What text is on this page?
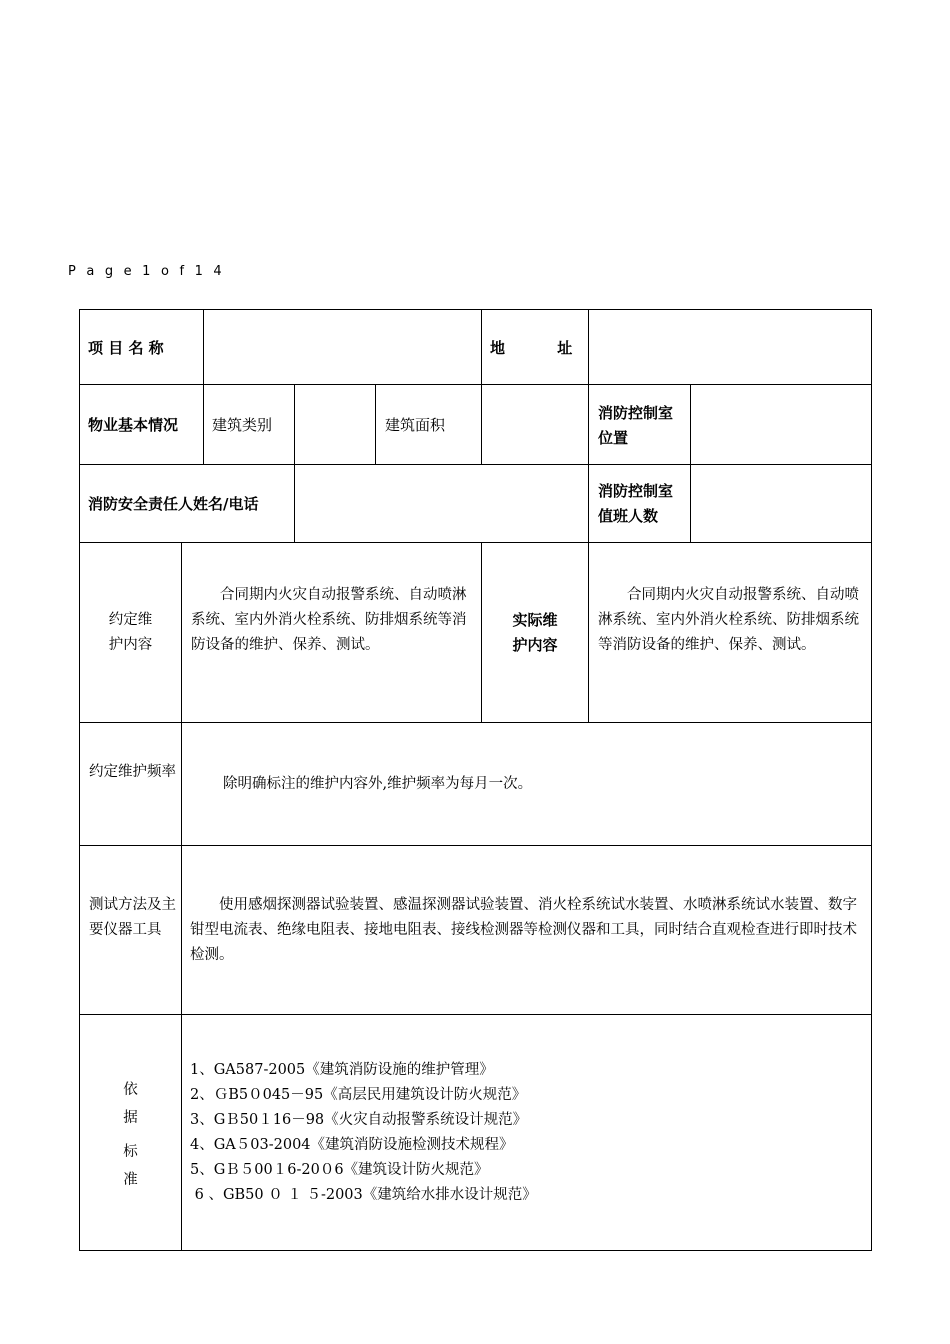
P a g e 1 o f 1 4
项 目 名 称	地          址
物业基本情况 建筑类别	建筑面积
消防控制室
位置
消防安全责任人姓名/电话
消防控制室
值班人数
约定维
护内容
合同期内火灾自动报警系统、自动喷淋系统、室内外消火栓系统、防排烟系统等消防设备的维护、保养、测试。
实际维
护内容
合同期内火灾自动报警系统、自动喷淋系统、室内外消火栓系统、防排烟系统等消防设备的维护、保养、测试。
约定维护频率
除明确标注的维护内容外,维护频率为每月一次。
测试方法及主要仪器工具
使用感烟探测器试验装置、感温探测器试验装置、消火栓系统试水装置、水喷淋系统试水装置、数字钳型电流表、绝缘电阻表、接地电阻表、接线检测器等检测仪器和工具，同时结合直观检查进行即时技术检测。
依
据
标
准
1、GA587-2005《建筑消防设施的维护管理》
2、ＧB5０045－95《高层民用建筑设计防火规范》
3、GＢ50１16－98《火灾自动报警系统设计规范》
4、GA５03-2004《建筑消防设施检测技术规程》
5、GＢ５00１6-20０6《建筑设计防火规范》
6 、GB50 ０ １ ５-2003《建筑给水排水设计规范》
